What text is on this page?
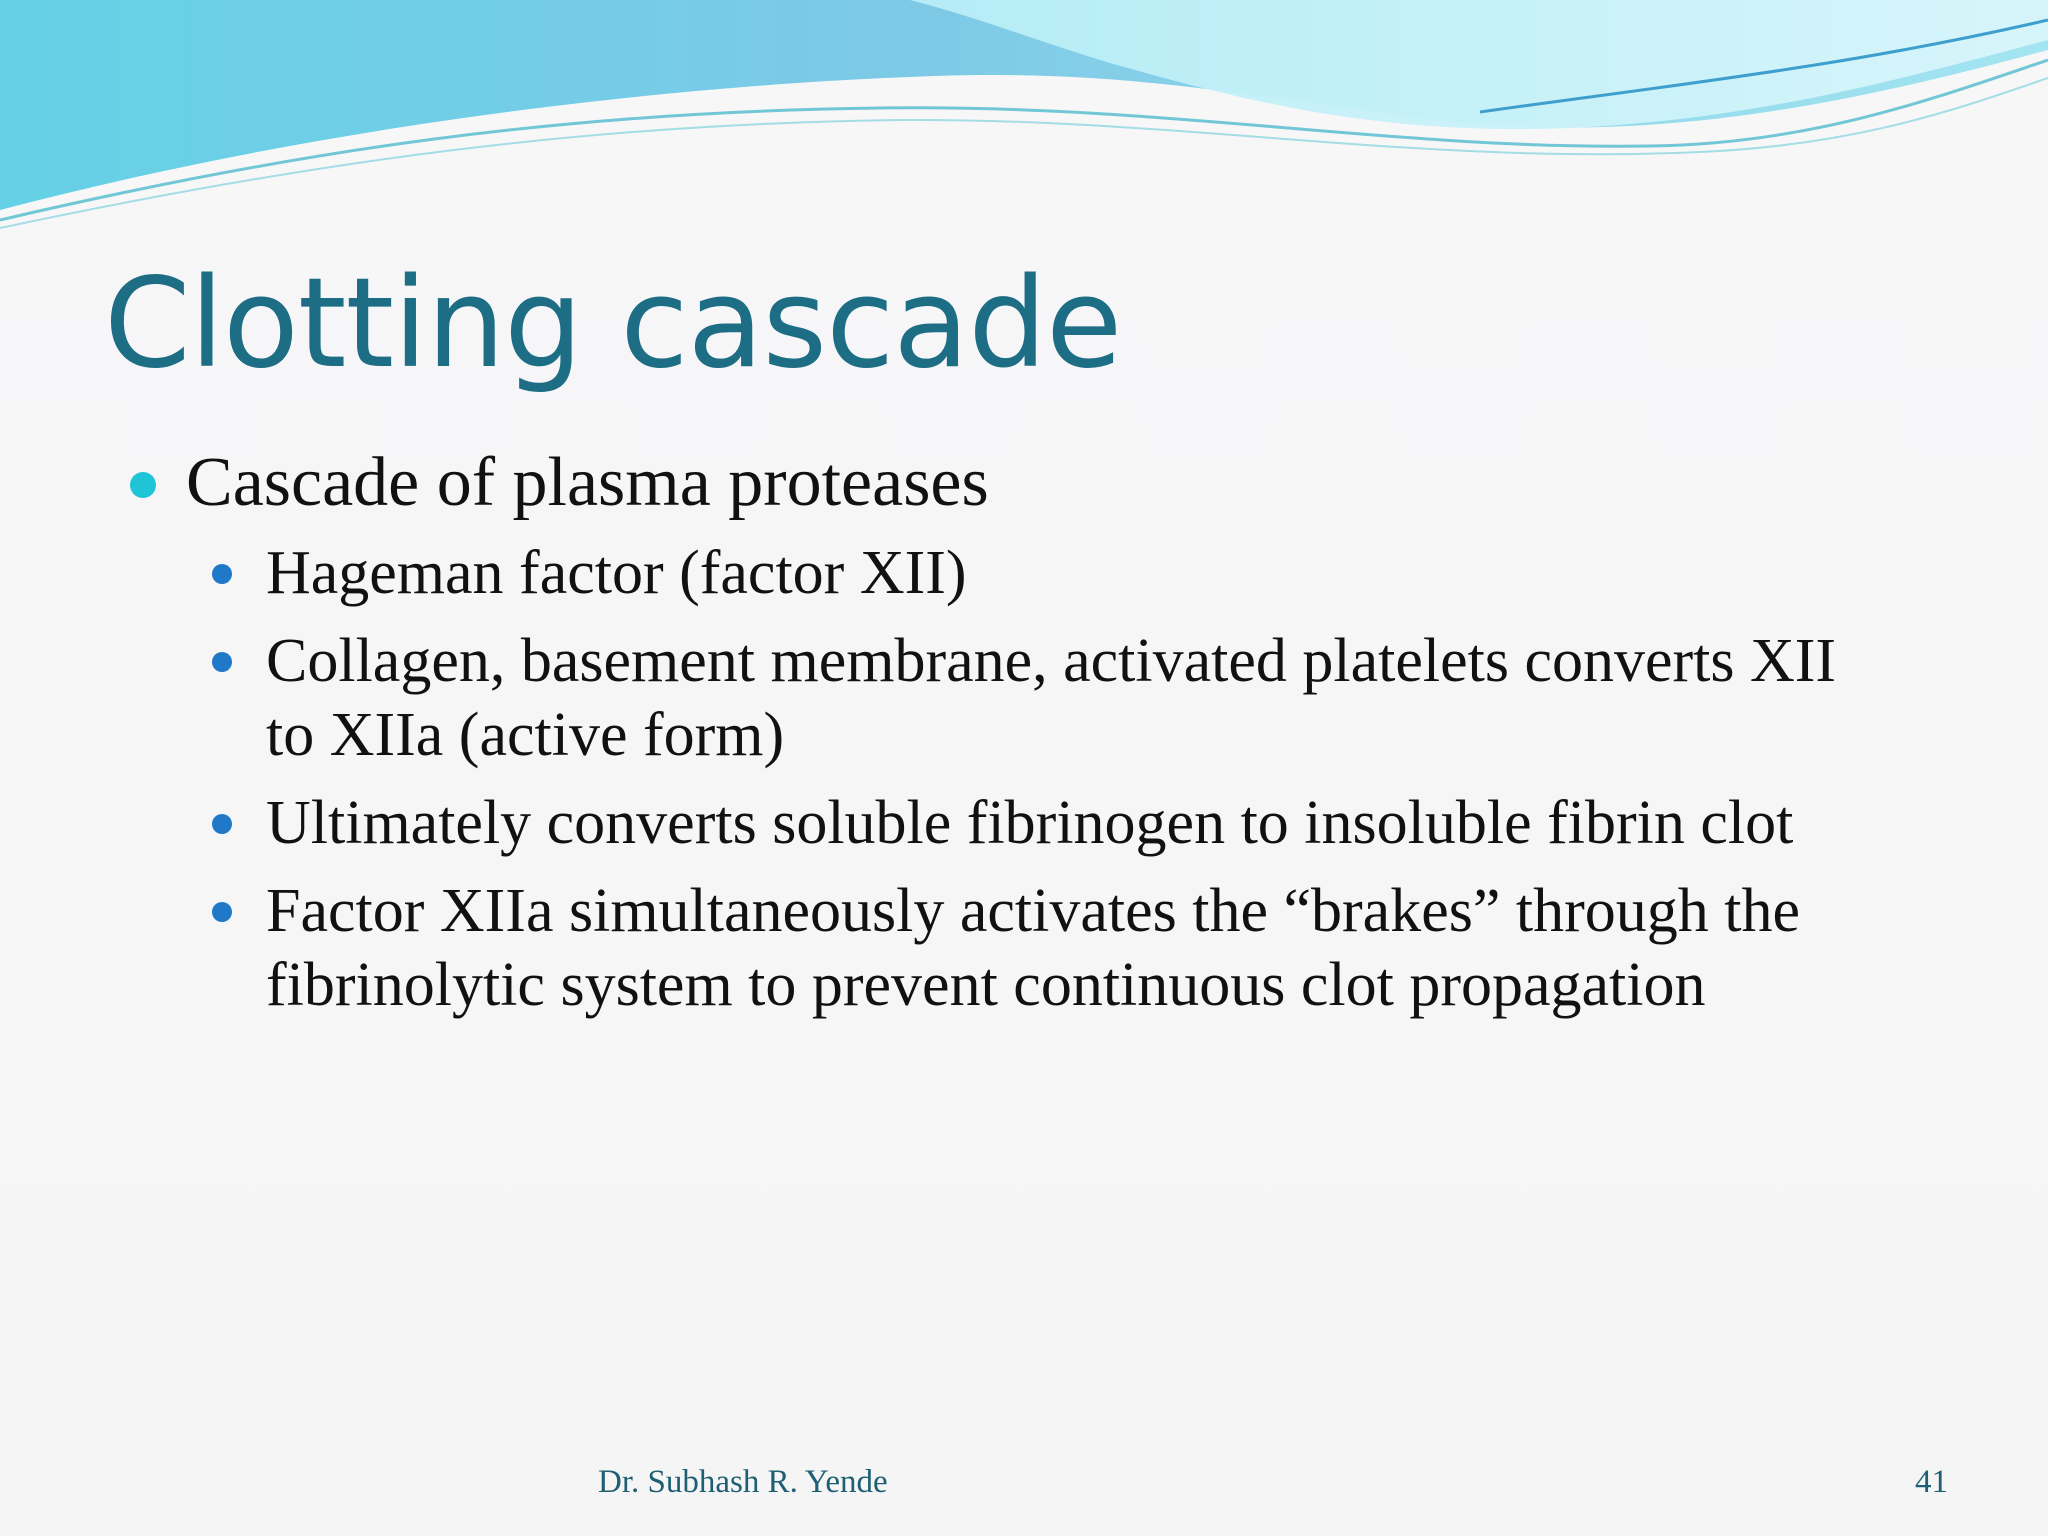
Clotting cascade
Cascade of plasma proteases
Hageman factor (factor XII)
Collagen, basement membrane, activated platelets converts XII to XIIa (active form)
Ultimately converts soluble fibrinogen to insoluble fibrin clot
Factor XIIa simultaneously activates the “brakes” through the fibrinolytic system to prevent continuous clot propagation
Dr. Subhash R. Yende	41
